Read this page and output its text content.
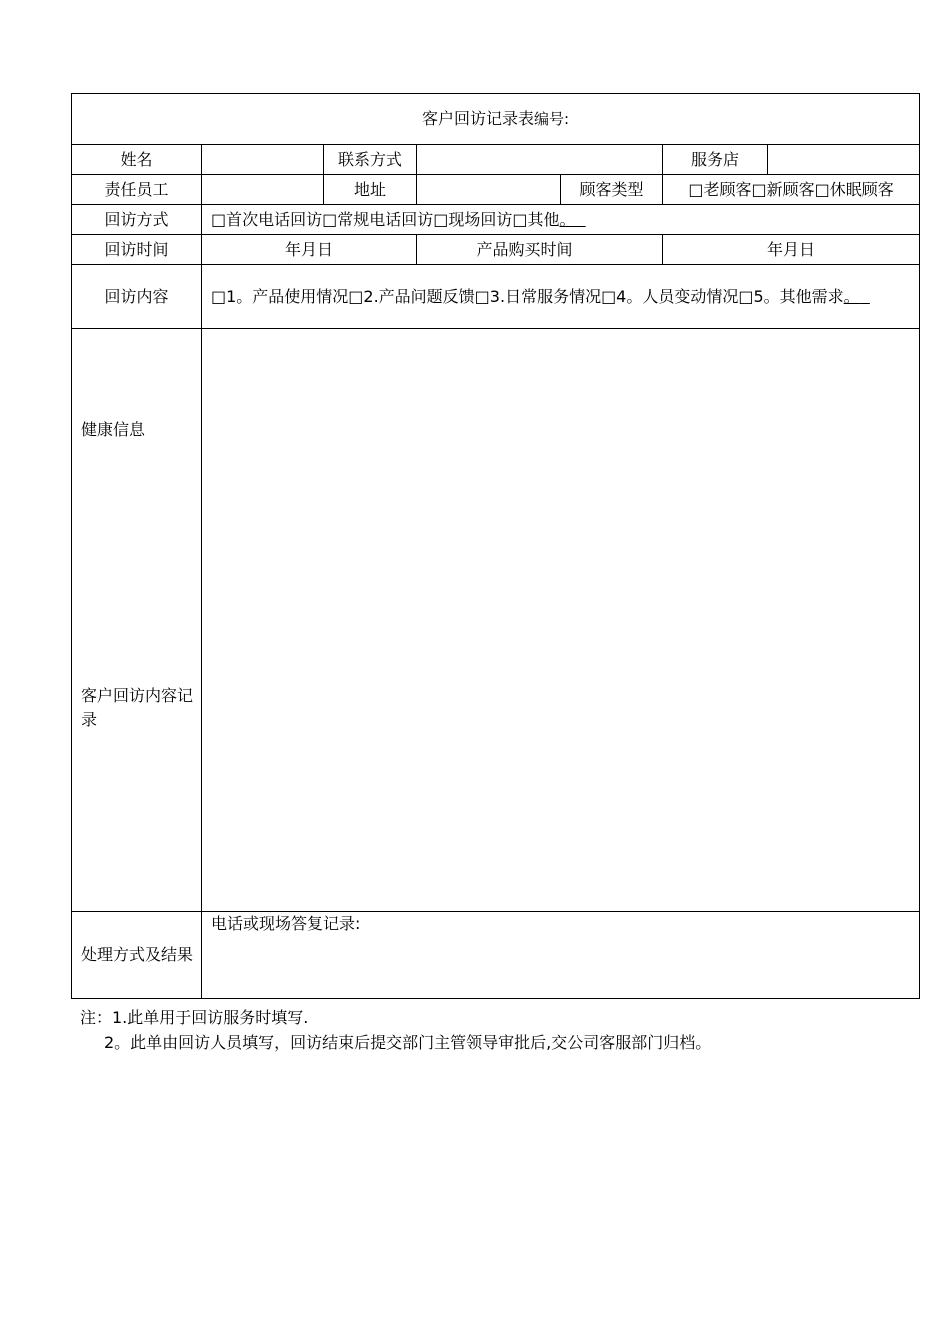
客户回访记录表编号:						
姓名		联系方式			服务店	
责任员工		地址		顾客类型	□老顾客□新顾客□休眠顾客	
回访方式	□首次电话回访□常规电话回访□现场回访□其他。					
回访时间	年月日		产品购买时间		年月日	
回访内容	□1。产品使用情况□2.产品问题反馈□3.日常服务情况□4。人员变动情况□5。其他需求。					

健康信息
客户回访内容记录						

处理方式及结果	电话或现场答复记录:					
注：1.此单用于回访服务时填写.
2。此单由回访人员填写，回访结束后提交部门主管领导审批后,交公司客服部门归档。
